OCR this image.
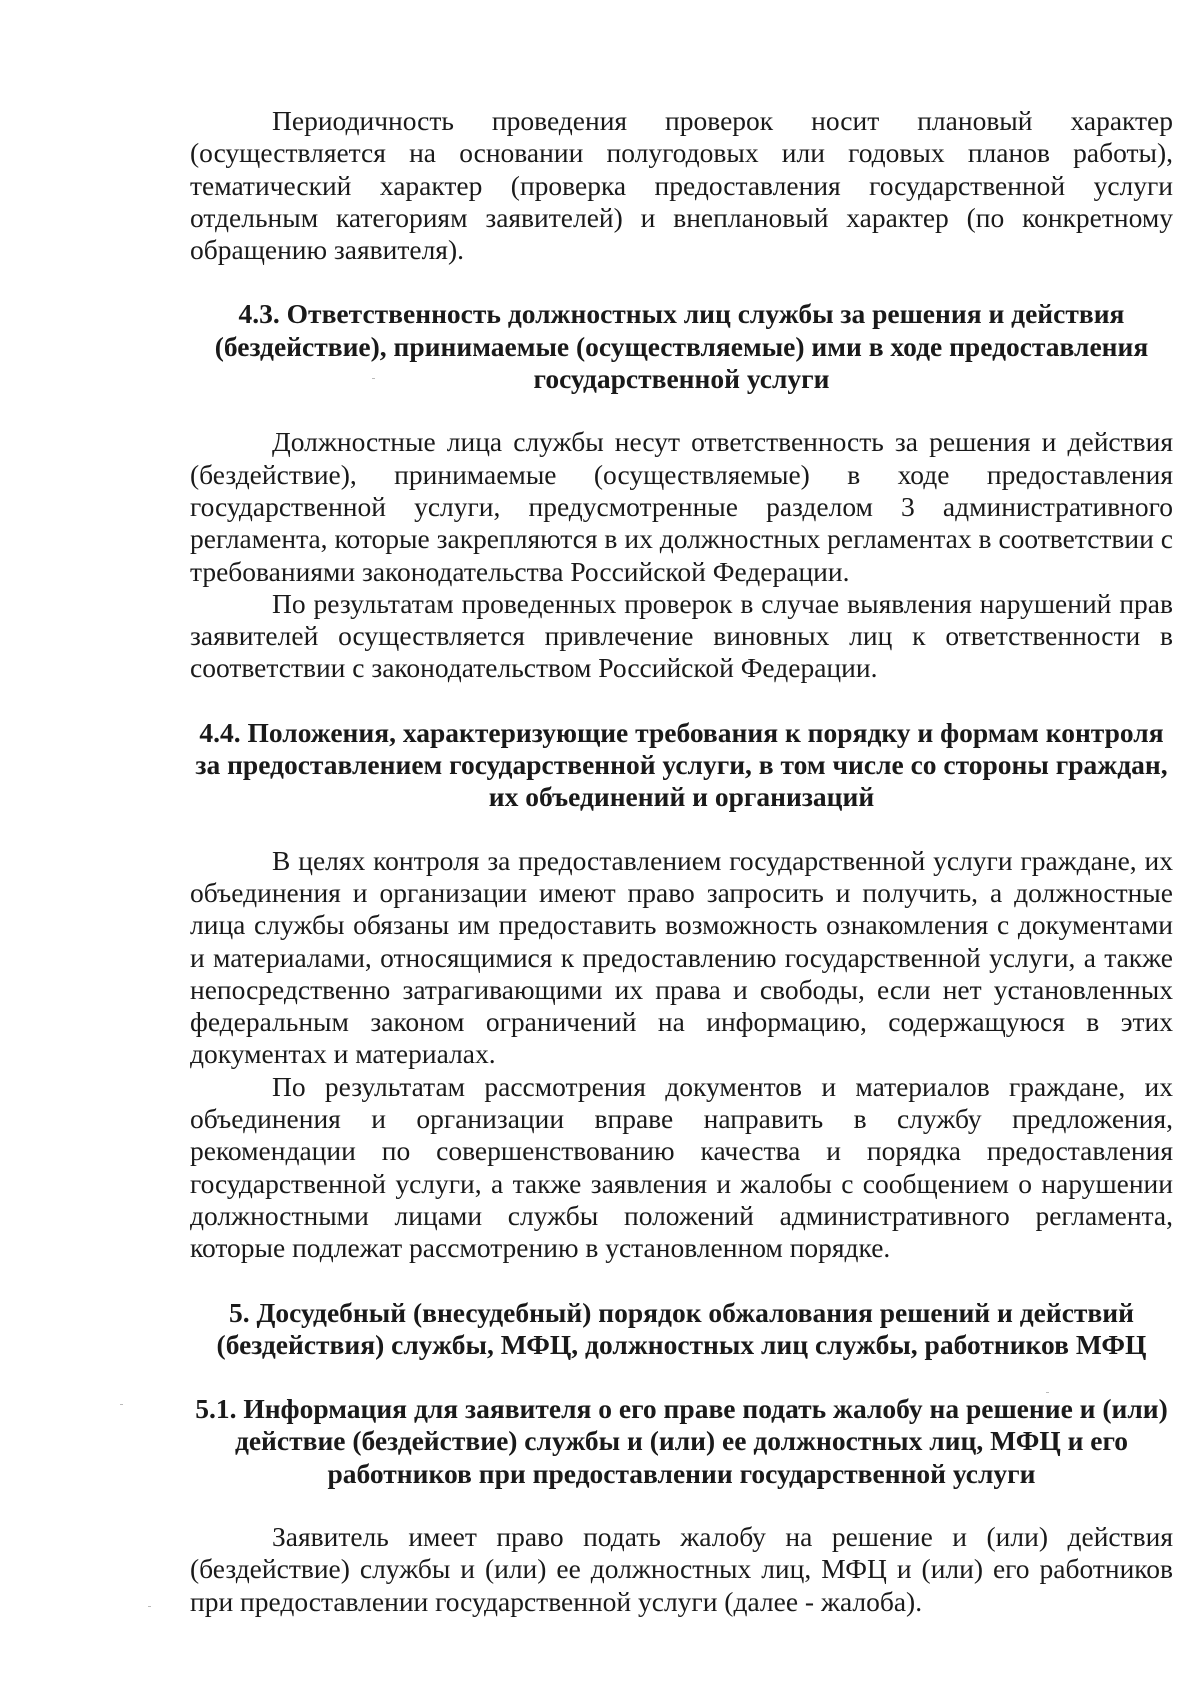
Периодичность проведения проверок носит плановый характер (осуществляется на основании полугодовых или годовых планов работы), тематический характер (проверка предоставления государственной услуги отдельным категориям заявителей) и внеплановый характер (по конкретному обращению заявителя).

4.3. Ответственность должностных лиц службы за решения и действия (бездействие), принимаемые (осуществляемые) ими в ходе предоставления государственной услуги

Должностные лица службы несут ответственность за решения и действия (бездействие), принимаемые (осуществляемые) в ходе предоставления государственной услуги, предусмотренные разделом 3 административного регламента, которые закрепляются в их должностных регламентах в соответствии с требованиями законодательства Российской Федерации.

По результатам проведенных проверок в случае выявления нарушений прав заявителей осуществляется привлечение виновных лиц к ответственности в соответствии с законодательством Российской Федерации.

4.4. Положения, характеризующие требования к порядку и формам контроля за предоставлением государственной услуги, в том числе со стороны граждан, их объединений и организаций

В целях контроля за предоставлением государственной услуги граждане, их объединения и организации имеют право запросить и получить, а должностные лица службы обязаны им предоставить возможность ознакомления с документами и материалами, относящимися к предоставлению государственной услуги, а также непосредственно затрагивающими их права и свободы, если нет установленных федеральным законом ограничений на информацию, содержащуюся в этих документах и материалах.

По результатам рассмотрения документов и материалов граждане, их объединения и организации вправе направить в службу предложения, рекомендации по совершенствованию качества и порядка предоставления государственной услуги, а также заявления и жалобы с сообщением о нарушении должностными лицами службы положений административного регламента, которые подлежат рассмотрению в установленном порядке.

5. Досудебный (внесудебный) порядок обжалования решений и действий (бездействия) службы, МФЦ, должностных лиц службы, работников МФЦ
5.1. Информация для заявителя о его праве подать жалобу на решение и (или) действие (бездействие) службы и (или) ее должностных лиц, МФЦ и его работников при предоставлении государственной услуги

Заявитель имеет право подать жалобу на решение и (или) действия (бездействие) службы и (или) ее должностных лиц, МФЦ и (или) его работников при предоставлении государственной услуги (далее - жалоба).
